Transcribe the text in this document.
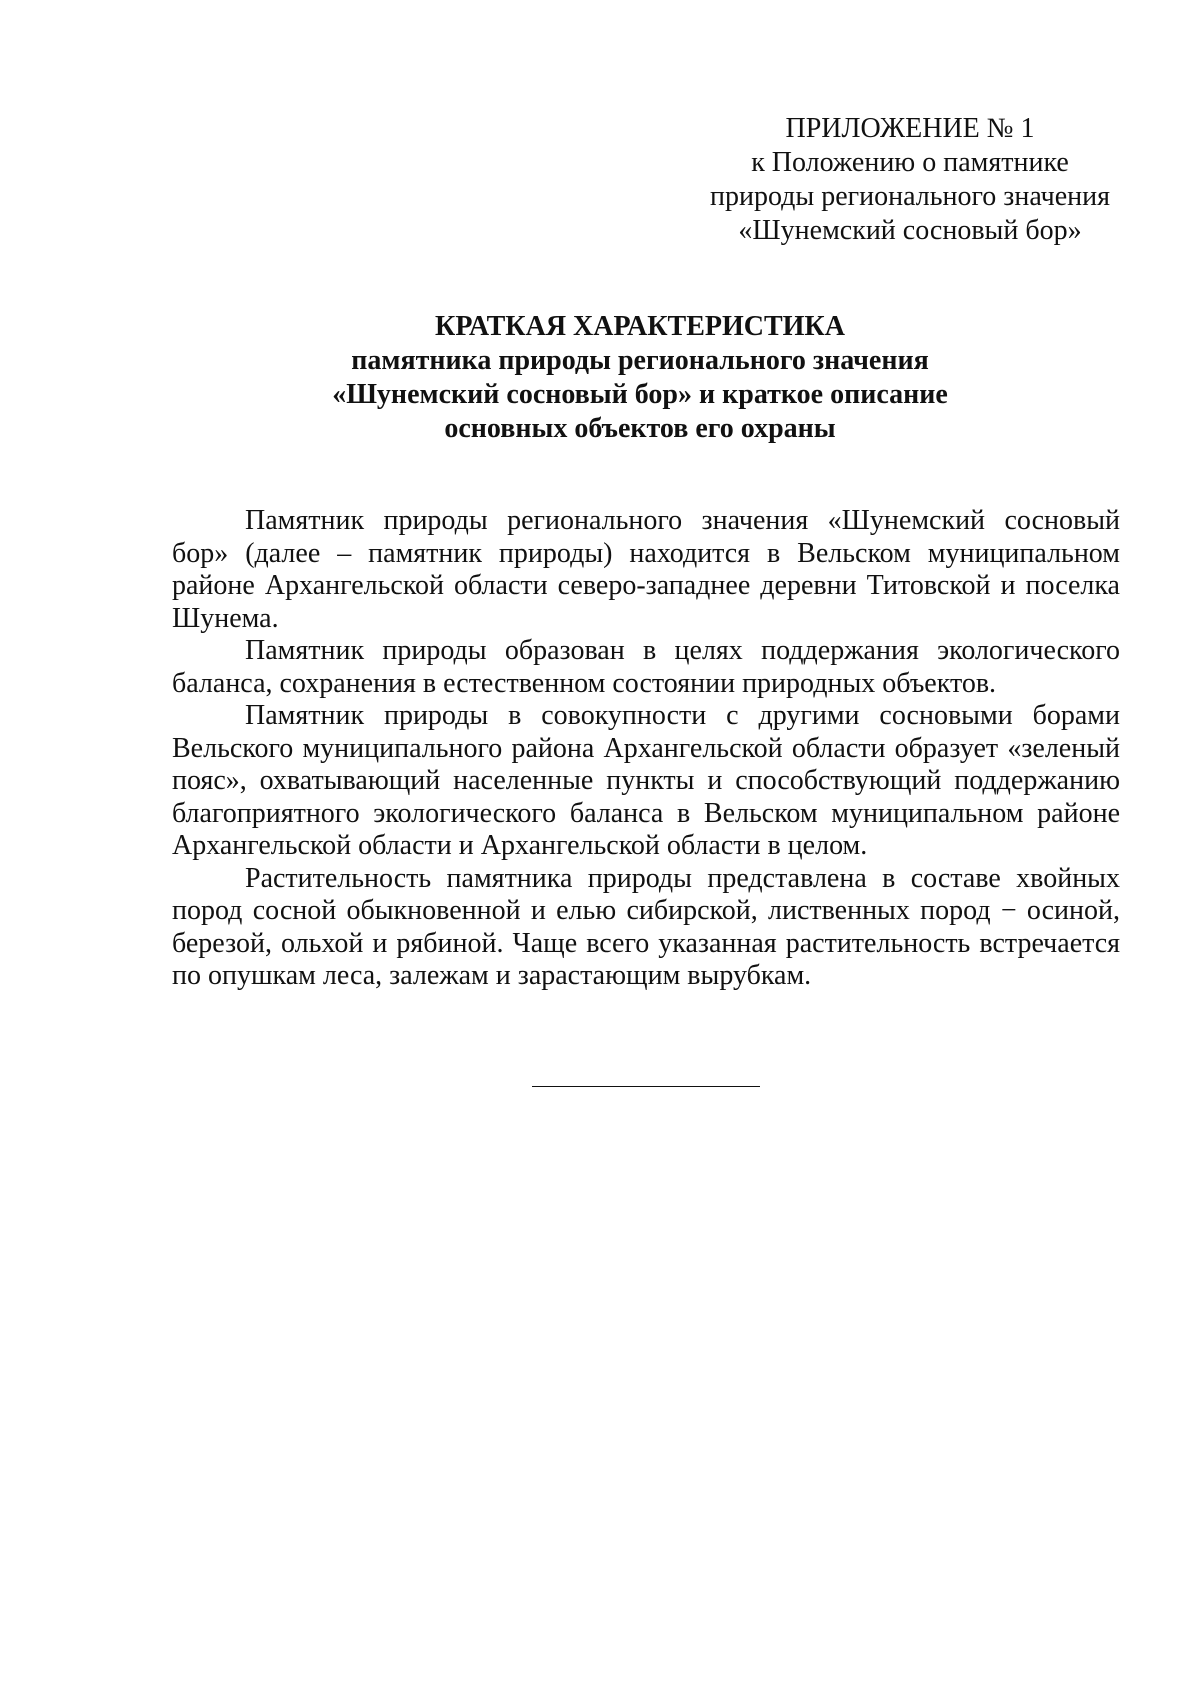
ПРИЛОЖЕНИЕ № 1
к Положению о памятнике
природы регионального значения
«Шунемский сосновый бор»
КРАТКАЯ ХАРАКТЕРИСТИКА
памятника природы регионального значения
«Шунемский сосновый бор» и краткое описание
основных объектов его охраны

Памятник природы регионального значения «Шунемский сосновый бор» (далее – памятник природы) находится в Вельском муниципальном районе Архангельской области северо-западнее деревни Титовской и поселка Шунема.

Памятник природы образован в целях поддержания экологического баланса, сохранения в естественном состоянии природных объектов.

Памятник природы в совокупности с другими сосновыми борами Вельского муниципального района Архангельской области образует «зеленый пояс», охватывающий населенные пункты и способствующий поддержанию благоприятного экологического баланса в Вельском муниципальном районе Архангельской области и Архангельской области в целом.

Растительность памятника природы представлена в составе хвойных пород сосной обыкновенной и елью сибирской, лиственных пород − осиной, березой, ольхой и рябиной. Чаще всего указанная растительность встречается по опушкам леса, залежам и зарастающим вырубкам.
